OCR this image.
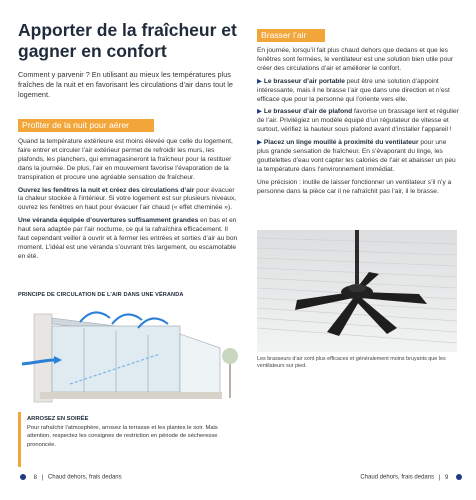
Apporter de la fraîcheur et gagner en confort

Comment y parvenir ? En utilisant au mieux les températures plus fraîches de la nuit et en favorisant les circulations d’air dans tout le logement.

Profiter de la nuit pour aérer

Quand la température extérieure est moins élevée que celle du logement, faire entrer et circuler l’air extérieur permet de refroidir les murs, les plafonds, les planchers, qui emmagasineront la fraîcheur pour la restituer dans la journée. De plus, l’air en mouvement favorise l’évaporation de la transpiration et procure une agréable sensation de fraîcheur.

Ouvrez les fenêtres la nuit et créez des circulations d’air pour évacuer la chaleur stockée à l’intérieur. Si votre logement est sur plusieurs niveaux, ouvrez les fenêtres en haut pour évacuer l’air chaud (« effet cheminée »).

Une véranda équipée d’ouvertures suffisamment grandes en bas et en haut sera adaptée par l’air nocturne, ce qui la rafraîchira efficacement. Il faut cependant veiller à ouvrir et à fermer les entrées et sorties d’air au bon moment. L’idéal est une véranda s’ouvrant très largement, ou escamotable en été.

PRINCIPE DE CIRCULATION DE L’AIR DANS UNE VÉRANDA
ARROSEZ EN SOIRÉE
Pour rafraîchir l’atmosphère, arrosez la terrasse et les plantes le soir. Mais attention, respectez les consignes de restriction en période de sécheresse prononcée.
8 | Chaud dehors, frais dedans
Brasser l’air

En journée, lorsqu’il fait plus chaud dehors que dedans et que les fenêtres sont fermées, le ventilateur est une solution bien utile pour créer des circulations d’air et améliorer le confort.

▶ Le brasseur d’air portable peut être une solution d’appoint intéressante, mais il ne brasse l’air que dans une direction et n’est efficace que pour la personne qui l’oriente vers elle.

▶ Le brasseur d’air de plafond favorise un brassage lent et régulier de l’air. Privilégiez un modèle équipé d’un régulateur de vitesse et surtout, vérifiez la hauteur sous plafond avant d’installer l’appareil !

▶ Placez un linge mouillé à proximité du ventilateur pour une plus grande sensation de fraîcheur. En s’évaporant du linge, les gouttelettes d’eau vont capter les calories de l’air et abaisser un peu la température dans l’environnement immédiat.

Une précision : inutile de laisser fonctionner un ventilateur s’il n’y a personne dans la pièce car il ne rafraîchit pas l’air, il le brasse.

Les brasseurs d’air sont plus efficaces et généralement moins bruyants que les ventilateurs sur pied.
Chaud dehors, frais dedans | 9
